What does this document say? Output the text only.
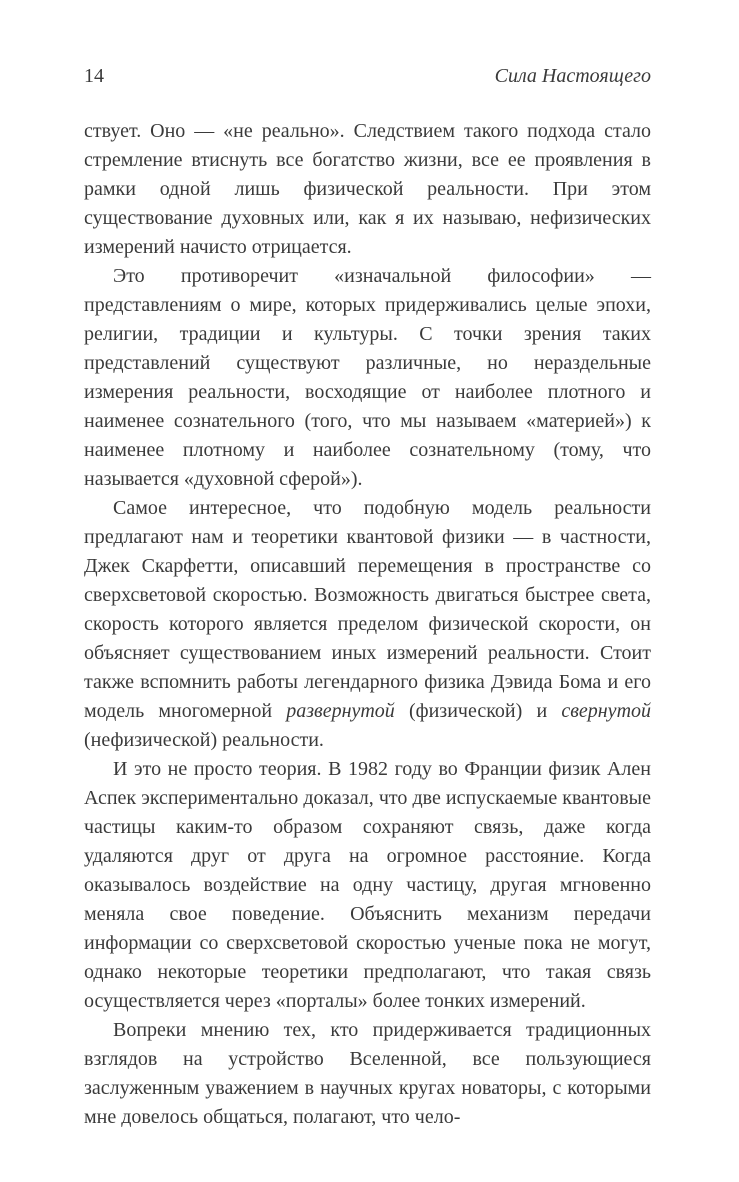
14	Сила Настоящего

ствует. Оно — «не реально». Следствием такого подхода стало стремление втиснуть все богатство жизни, все ее проявления в рамки одной лишь физической реальности. При этом существование духовных или, как я их называю, нефизических измерений начисто отрицается.

Это противоречит «изначальной философии» — представлениям о мире, которых придерживались целые эпохи, религии, традиции и культуры. С точки зрения таких представлений существуют различные, но нераздельные измерения реальности, восходящие от наиболее плотного и наименее сознательного (того, что мы называем «материей») к наименее плотному и наиболее сознательному (тому, что называется «духовной сферой»).

Самое интересное, что подобную модель реальности предлагают нам и теоретики квантовой физики — в частности, Джек Скарфетти, описавший перемещения в пространстве со сверхсветовой скоростью. Возможность двигаться быстрее света, скорость которого является пределом физической скорости, он объясняет существованием иных измерений реальности. Стоит также вспомнить работы легендарного физика Дэвида Бома и его модель многомерной развернутой (физической) и свернутой (нефизической) реальности.

И это не просто теория. В 1982 году во Франции физик Ален Аспек экспериментально доказал, что две испускаемые квантовые частицы каким-то образом сохраняют связь, даже когда удаляются друг от друга на огромное расстояние. Когда оказывалось воздействие на одну частицу, другая мгновенно меняла свое поведение. Объяснить механизм передачи информации со сверхсветовой скоростью ученые пока не могут, однако некоторые теоретики предполагают, что такая связь осуществляется через «порталы» более тонких измерений.

Вопреки мнению тех, кто придерживается традиционных взглядов на устройство Вселенной, все пользующиеся заслуженным уважением в научных кругах новаторы, с которыми мне довелось общаться, полагают, что чело-
